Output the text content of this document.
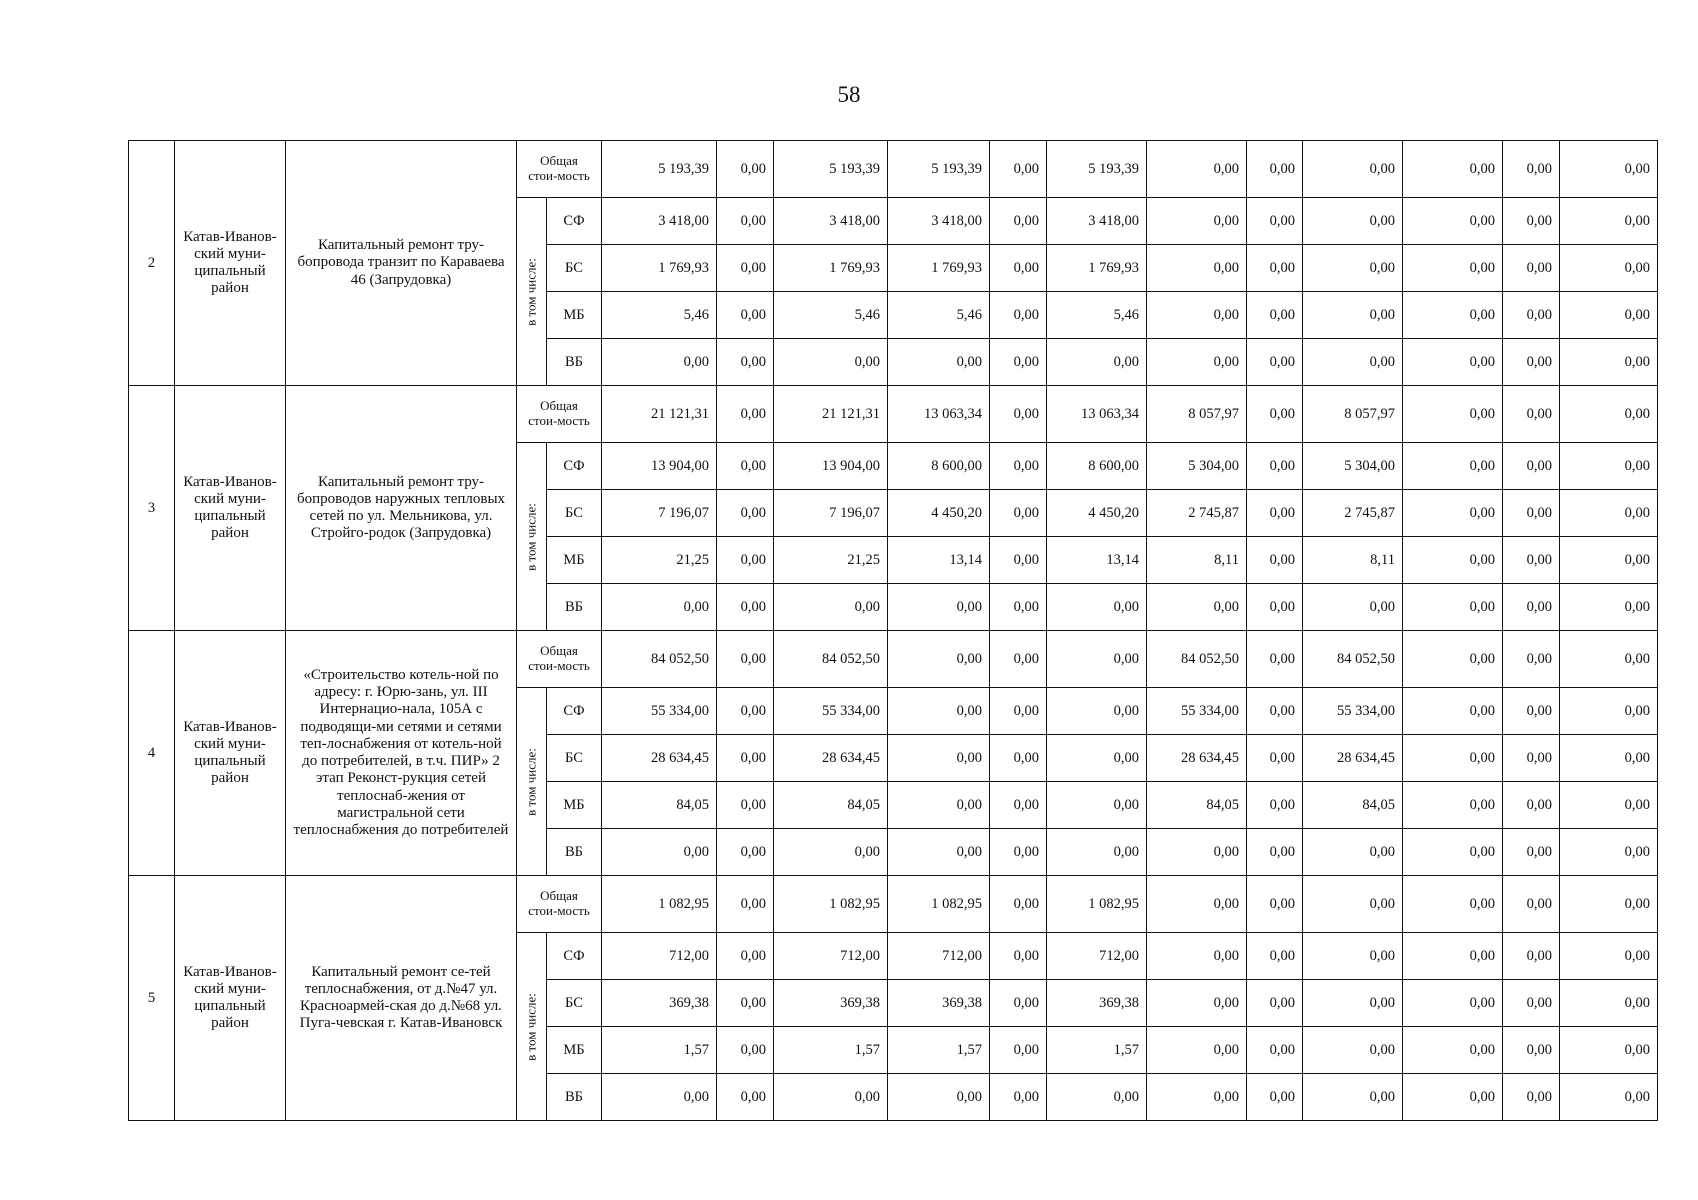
58
2	Катав-Иванов-ский муни-ципальный район	Капитальный ремонт тру-бопровода транзит по Караваева 46 (Запрудовка)	Общая стои-мость		5 193,39	0,00	5 193,39	5 193,39	0,00	5 193,39	0,00	0,00	0,00	0,00	0,00	0,00

			в том числе:	СФ	3 418,00	0,00	3 418,00	3 418,00	0,00	3 418,00	0,00	0,00	0,00	0,00	0,00	0,00
				БС	1 769,93	0,00	1 769,93	1 769,93	0,00	1 769,93	0,00	0,00	0,00	0,00	0,00	0,00
				МБ	5,46	0,00	5,46	5,46	0,00	5,46	0,00	0,00	0,00	0,00	0,00	0,00
				ВБ	0,00	0,00	0,00	0,00	0,00	0,00	0,00	0,00	0,00	0,00	0,00	0,00
3	Катав-Иванов-ский муни-ципальный район	Капитальный ремонт тру-бопроводов наружных тепловых сетей по ул. Мельникова, ул. Стройго-родок (Запрудовка)	Общая стои-мость		21 121,31	0,00	21 121,31	13 063,34	0,00	13 063,34	8 057,97	0,00	8 057,97	0,00	0,00	0,00

			в том числе:	СФ	13 904,00	0,00	13 904,00	8 600,00	0,00	8 600,00	5 304,00	0,00	5 304,00	0,00	0,00	0,00
				БС	7 196,07	0,00	7 196,07	4 450,20	0,00	4 450,20	2 745,87	0,00	2 745,87	0,00	0,00	0,00
				МБ	21,25	0,00	21,25	13,14	0,00	13,14	8,11	0,00	8,11	0,00	0,00	0,00
				ВБ	0,00	0,00	0,00	0,00	0,00	0,00	0,00	0,00	0,00	0,00	0,00	0,00
4	Катав-Иванов-ский муни-ципальный район	«Строительство котель-ной по адресу: г. Юрю-зань, ул. III Интернацио-нала, 105А с подводящи-ми сетями и сетями теп-лоснабжения от котель-ной до потребителей, в т.ч. ПИР» 2 этап Реконст-рукция сетей теплоснаб-жения от магистральной сети теплоснабжения до потребителей	Общая стои-мость		84 052,50	0,00	84 052,50	0,00	0,00	0,00	84 052,50	0,00	84 052,50	0,00	0,00	0,00

			в том числе:	СФ	55 334,00	0,00	55 334,00	0,00	0,00	0,00	55 334,00	0,00	55 334,00	0,00	0,00	0,00
				БС	28 634,45	0,00	28 634,45	0,00	0,00	0,00	28 634,45	0,00	28 634,45	0,00	0,00	0,00
				МБ	84,05	0,00	84,05	0,00	0,00	0,00	84,05	0,00	84,05	0,00	0,00	0,00
				ВБ	0,00	0,00	0,00	0,00	0,00	0,00	0,00	0,00	0,00	0,00	0,00	0,00
5	Катав-Иванов-ский муни-ципальный район	Капитальный ремонт се-тей теплоснабжения, от д.№47 ул. Красноармей-ская до д.№68 ул. Пуга-чевская г. Катав-Ивановск	Общая стои-мость		1 082,95	0,00	1 082,95	1 082,95	0,00	1 082,95	0,00	0,00	0,00	0,00	0,00	0,00

			в том числе:	СФ	712,00	0,00	712,00	712,00	0,00	712,00	0,00	0,00	0,00	0,00	0,00	0,00
				БС	369,38	0,00	369,38	369,38	0,00	369,38	0,00	0,00	0,00	0,00	0,00	0,00
				МБ	1,57	0,00	1,57	1,57	0,00	1,57	0,00	0,00	0,00	0,00	0,00	0,00
				ВБ	0,00	0,00	0,00	0,00	0,00	0,00	0,00	0,00	0,00	0,00	0,00	0,00
